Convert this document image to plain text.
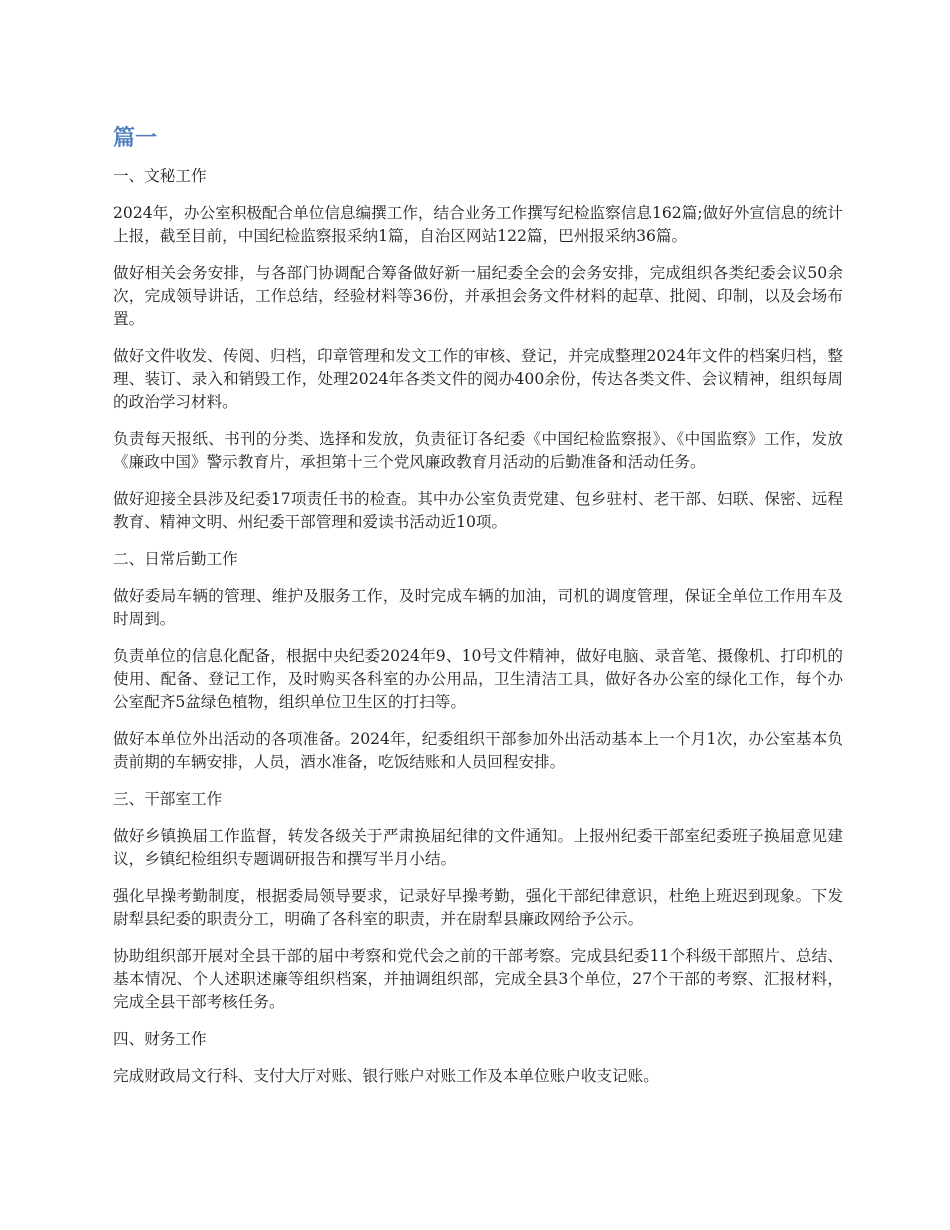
篇一
一、文秘工作
2024年，办公室积极配合单位信息编撰工作，结合业务工作撰写纪检监察信息162篇;做好外宣信息的统计上报，截至目前，中国纪检监察报采纳1篇，自治区网站122篇，巴州报采纳36篇。
做好相关会务安排，与各部门协调配合筹备做好新一届纪委全会的会务安排，完成组织各类纪委会议50余次，完成领导讲话，工作总结，经验材料等36份，并承担会务文件材料的起草、批阅、印制，以及会场布置。
做好文件收发、传阅、归档，印章管理和发文工作的审核、登记，并完成整理2024年文件的档案归档，整理、装订、录入和销毁工作，处理2024年各类文件的阅办400余份，传达各类文件、会议精神，组织每周的政治学习材料。
负责每天报纸、书刊的分类、选择和发放，负责征订各纪委《中国纪检监察报》、《中国监察》工作，发放《廉政中国》警示教育片，承担第十三个党风廉政教育月活动的后勤准备和活动任务。
做好迎接全县涉及纪委17项责任书的检查。其中办公室负责党建、包乡驻村、老干部、妇联、保密、远程教育、精神文明、州纪委干部管理和爱读书活动近10项。
二、日常后勤工作
做好委局车辆的管理、维护及服务工作，及时完成车辆的加油，司机的调度管理，保证全单位工作用车及时周到。
负责单位的信息化配备，根据中央纪委2024年9、10号文件精神，做好电脑、录音笔、摄像机、打印机的使用、配备、登记工作，及时购买各科室的办公用品，卫生清洁工具，做好各办公室的绿化工作，每个办公室配齐5盆绿色植物，组织单位卫生区的打扫等。
做好本单位外出活动的各项准备。2024年，纪委组织干部参加外出活动基本上一个月1次，办公室基本负责前期的车辆安排，人员，酒水准备，吃饭结账和人员回程安排。
三、干部室工作
做好乡镇换届工作监督，转发各级关于严肃换届纪律的文件通知。上报州纪委干部室纪委班子换届意见建议，乡镇纪检组织专题调研报告和撰写半月小结。
强化早操考勤制度，根据委局领导要求，记录好早操考勤，强化干部纪律意识，杜绝上班迟到现象。下发尉犁县纪委的职责分工，明确了各科室的职责，并在尉犁县廉政网给予公示。
协助组织部开展对全县干部的届中考察和党代会之前的干部考察。完成县纪委11个科级干部照片、总结、基本情况、个人述职述廉等组织档案，并抽调组织部，完成全县3个单位，27个干部的考察、汇报材料，完成全县干部考核任务。
四、财务工作
完成财政局文行科、支付大厅对账、银行账户对账工作及本单位账户收支记账。
